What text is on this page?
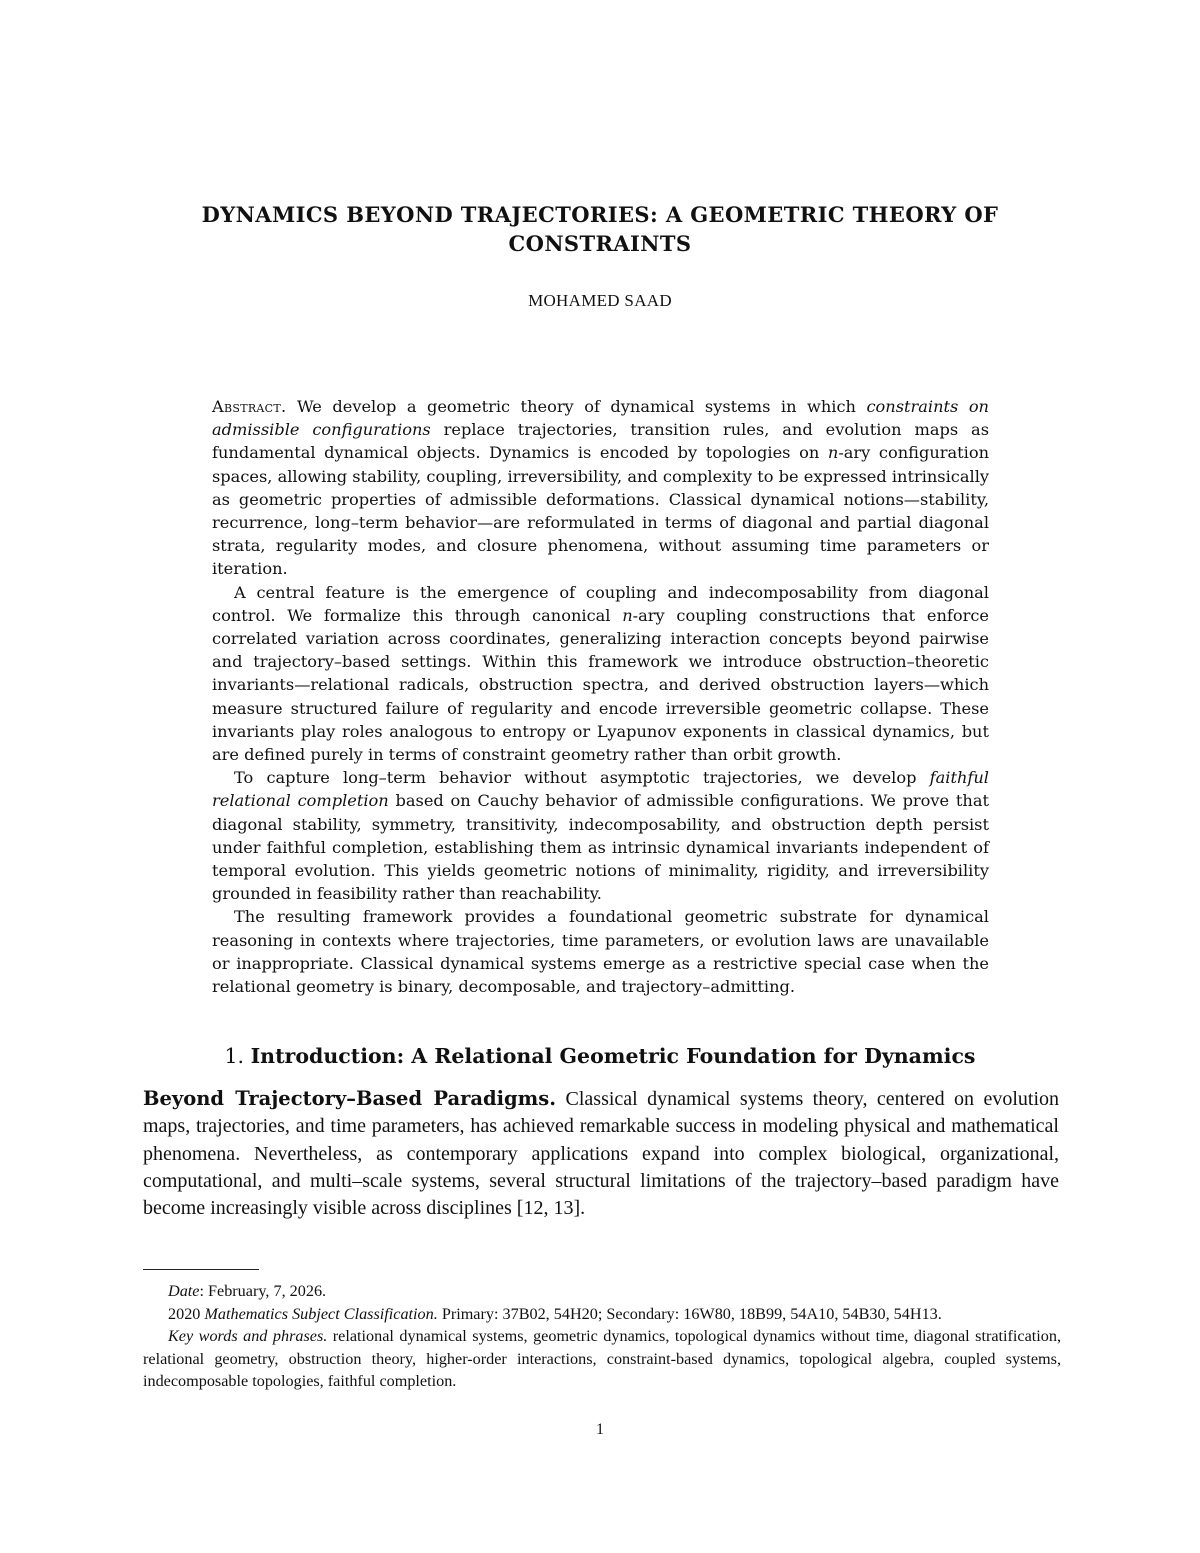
DYNAMICS BEYOND TRAJECTORIES: A GEOMETRIC THEORY OF CONSTRAINTS
MOHAMED SAAD

Abstract. We develop a geometric theory of dynamical systems in which constraints on admissible configurations replace trajectories, transition rules, and evolution maps as fundamental dynamical objects. Dynamics is encoded by topologies on n-ary configuration spaces, allowing stability, coupling, irreversibility, and complexity to be expressed intrinsically as geometric properties of admissible deformations. Classical dynamical notions—stability, recurrence, long–term behavior—are reformulated in terms of diagonal and partial diagonal strata, regularity modes, and closure phenomena, without assuming time parameters or iteration.

A central feature is the emergence of coupling and indecomposability from diagonal control. We formalize this through canonical n-ary coupling constructions that enforce correlated variation across coordinates, generalizing interaction concepts beyond pairwise and trajectory–based settings. Within this framework we introduce obstruction–theoretic invariants—relational radicals, obstruction spectra, and derived obstruction layers—which measure structured failure of regularity and encode irreversible geometric collapse. These invariants play roles analogous to entropy or Lyapunov exponents in classical dynamics, but are defined purely in terms of constraint geometry rather than orbit growth.

To capture long–term behavior without asymptotic trajectories, we develop faithful relational completion based on Cauchy behavior of admissible configurations. We prove that diagonal stability, symmetry, transitivity, indecomposability, and obstruction depth persist under faithful completion, establishing them as intrinsic dynamical invariants independent of temporal evolution. This yields geometric notions of minimality, rigidity, and irreversibility grounded in feasibility rather than reachability.

The resulting framework provides a foundational geometric substrate for dynamical reasoning in contexts where trajectories, time parameters, or evolution laws are unavailable or inappropriate. Classical dynamical systems emerge as a restrictive special case when the relational geometry is binary, decomposable, and trajectory–admitting.

1. Introduction: A Relational Geometric Foundation for Dynamics
Beyond Trajectory–Based Paradigms. Classical dynamical systems theory, centered on evolution maps, trajectories, and time parameters, has achieved remarkable success in modeling physical and mathematical phenomena. Nevertheless, as contemporary applications expand into complex biological, organizational, computational, and multi–scale systems, several structural limitations of the trajectory–based paradigm have become increasingly visible across disciplines [12, 13].

Date: February, 7, 2026.

2020 Mathematics Subject Classification. Primary: 37B02, 54H20; Secondary: 16W80, 18B99, 54A10, 54B30, 54H13.

Key words and phrases. relational dynamical systems, geometric dynamics, topological dynamics without time, diagonal stratification, relational geometry, obstruction theory, higher-order interactions, constraint-based dynamics, topological algebra, coupled systems, indecomposable topologies, faithful completion.

1
